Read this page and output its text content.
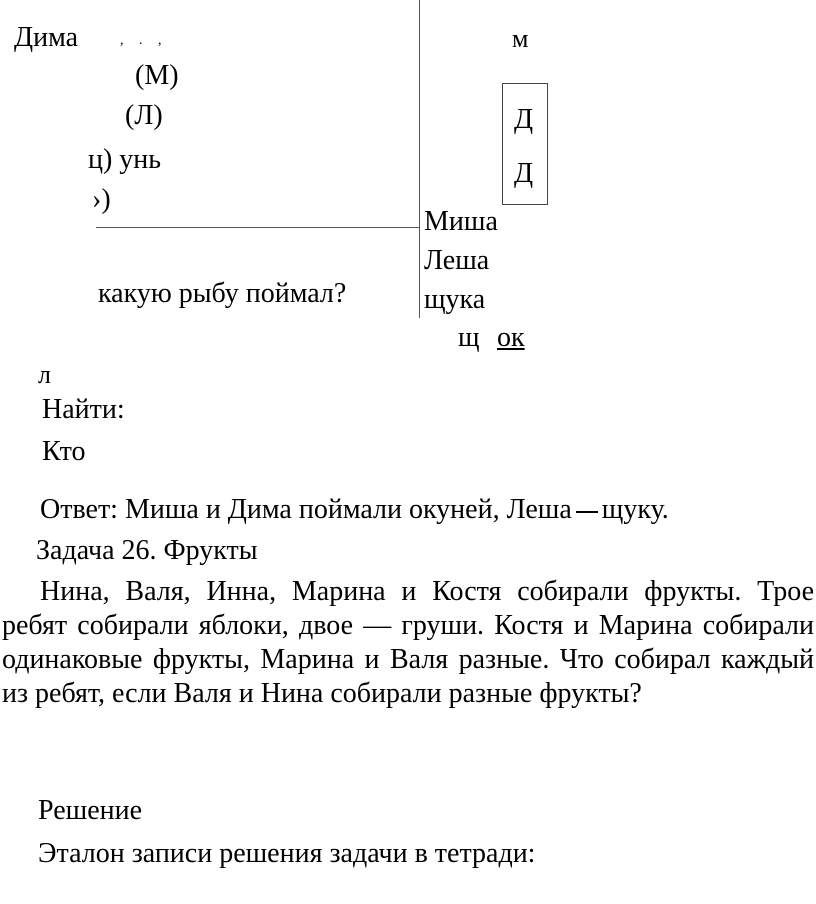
Дима	, . ,
(М)
(Л)
ц) унь
›)
какую рыбу поймал?
м
Д
Д
Миша
Леша
щука
щ ок
л
Найти:
Кто
Ответ: Миша и Дима поймали окуней, Леша щуку.
Задача 26. Фрукты
Нина, Валя, Инна, Марина и Костя собирали фрукты. Трое ребят собирали яблоки, двое — груши. Костя и Марина собирали одинаковые фрукты, Марина и Валя разные. Что собирал каждый из ребят, если Валя и Нина собирали разные фрукты?
Решение
Эталон записи решения задачи в тетради:
